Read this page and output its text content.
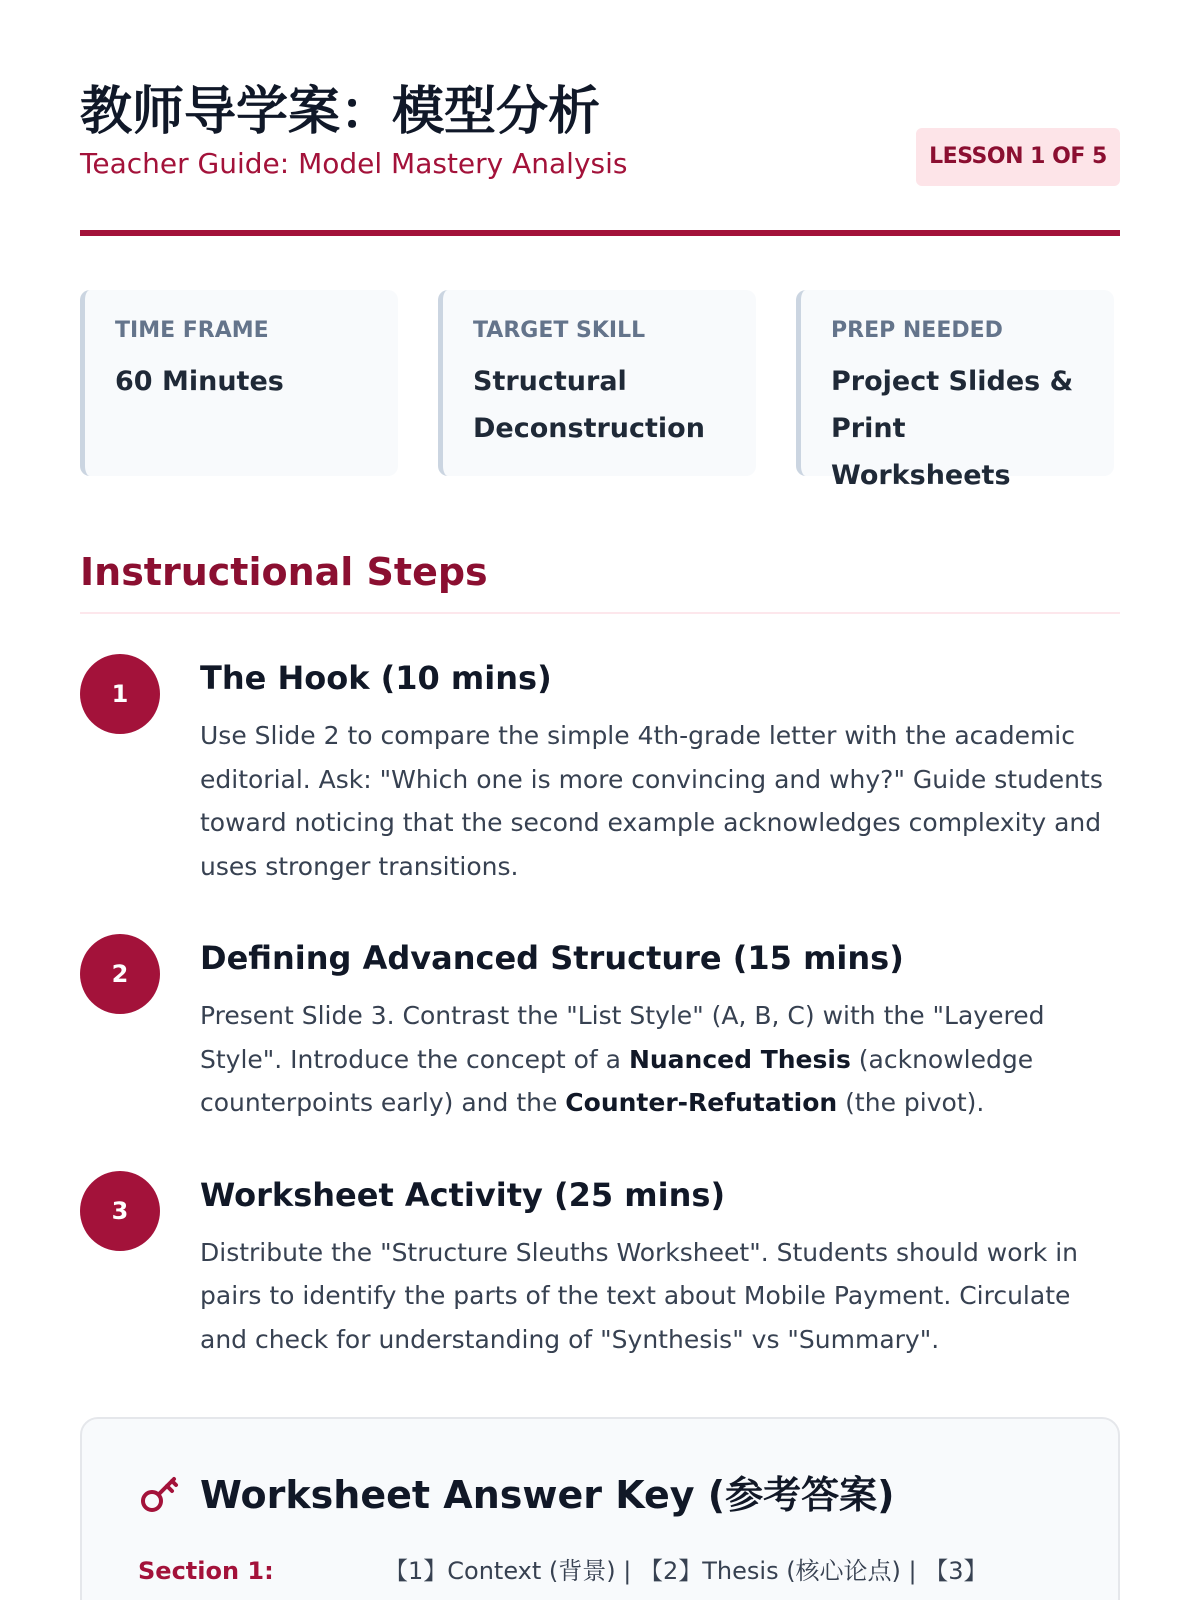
教师导学案：模型分析
Teacher Guide: Model Mastery Analysis	LESSON 1 OF 5
TIME FRAME
60 Minutes
TARGET SKILL
Structural Deconstruction
PREP NEEDED
Project Slides & Print Worksheets
Instructional Steps
1	The Hook (10 mins)
Use Slide 2 to compare the simple 4th-grade letter with the academic editorial. Ask: "Which one is more convincing and why?" Guide students toward noticing that the second example acknowledges complexity and uses stronger transitions.
2	Defining Advanced Structure (15 mins)
Present Slide 3. Contrast the "List Style" (A, B, C) with the "Layered Style". Introduce the concept of a Nuanced Thesis (acknowledge counterpoints early) and the Counter-Refutation (the pivot).
3	Worksheet Activity (25 mins)
Distribute the "Structure Sleuths Worksheet". Students should work in pairs to identify the parts of the text about Mobile Payment. Circulate and check for understanding of "Synthesis" vs "Summary".
Worksheet Answer Key (参考答案)
Section 1:	【1】Context (背景) | 【2】Thesis (核心论点) | 【3】
